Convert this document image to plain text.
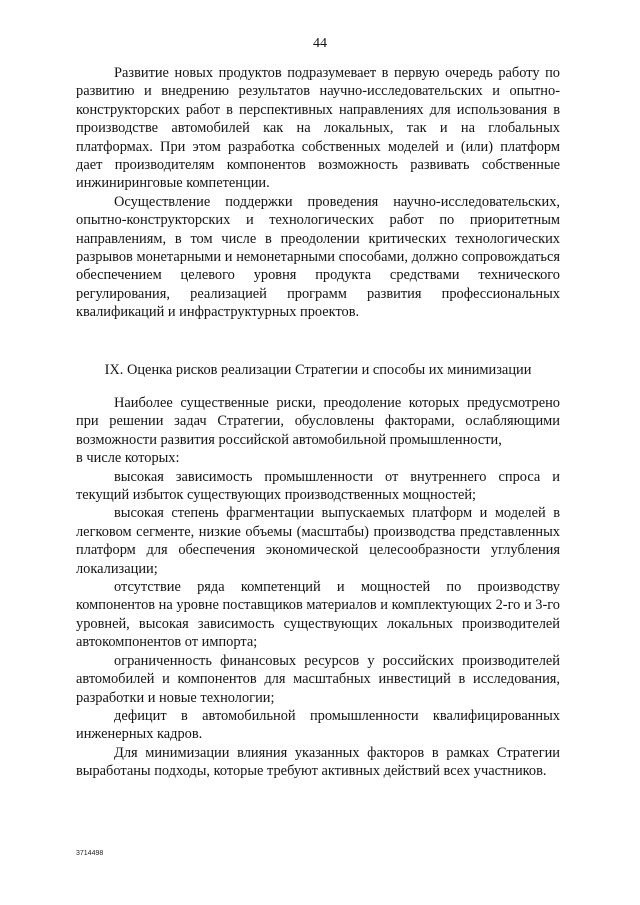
44

Развитие новых продуктов подразумевает в первую очередь работу по развитию и внедрению результатов научно-исследовательских и опытно-конструкторских работ в перспективных направлениях для использования в производстве автомобилей как на локальных, так и на глобальных платформах. При этом разработка собственных моделей и (или) платформ дает производителям компонентов возможность развивать собственные инжиниринговые компетенции.

Осуществление поддержки проведения научно-исследовательских, опытно-конструкторских и технологических работ по приоритетным направлениям, в том числе в преодолении критических технологических разрывов монетарными и немонетарными способами, должно сопровождаться обеспечением целевого уровня продукта средствами технического регулирования, реализацией программ развития профессиональных квалификаций и инфраструктурных проектов.

IX. Оценка рисков реализации Стратегии и способы их минимизации

Наиболее существенные риски, преодоление которых предусмотрено при решении задач Стратегии, обусловлены факторами, ослабляющими возможности развития российской автомобильной промышленности,

в числе которых:

высокая зависимость промышленности от внутреннего спроса и текущий избыток существующих производственных мощностей;

высокая степень фрагментации выпускаемых платформ и моделей в легковом сегменте, низкие объемы (масштабы) производства представленных платформ для обеспечения экономической целесообразности углубления локализации;

отсутствие ряда компетенций и мощностей по производству компонентов на уровне поставщиков материалов и комплектующих 2-го и 3-го уровней, высокая зависимость существующих локальных производителей автокомпонентов от импорта;

ограниченность финансовых ресурсов у российских производителей автомобилей и компонентов для масштабных инвестиций в исследования, разработки и новые технологии;

дефицит в автомобильной промышленности квалифицированных инженерных кадров.

Для минимизации влияния указанных факторов в рамках Стратегии выработаны подходы, которые требуют активных действий всех участников.

3714498
